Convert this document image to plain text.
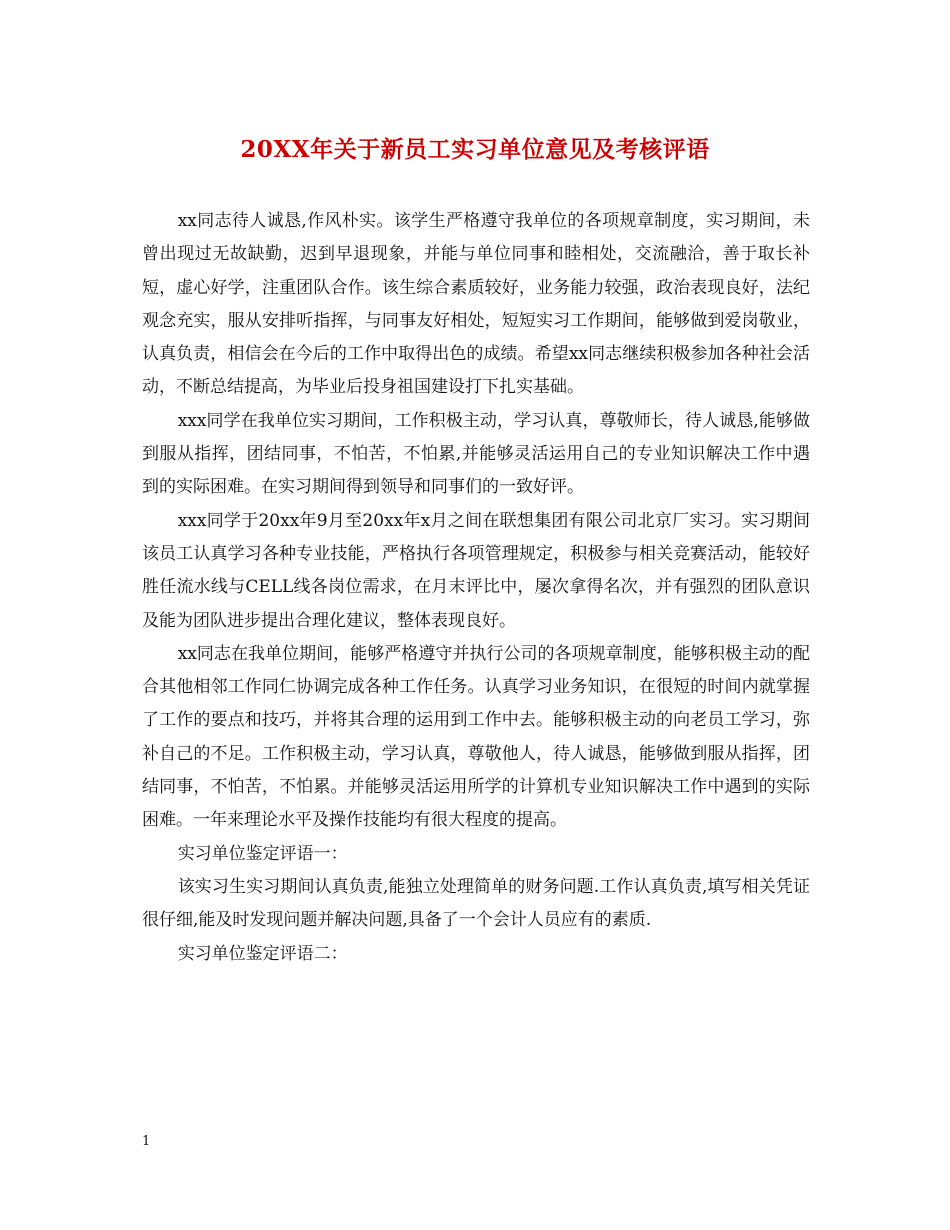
20XX年关于新员工实习单位意见及考核评语

xx同志待人诚恳,作风朴实。该学生严格遵守我单位的各项规章制度，实习期间，未曾出现过无故缺勤，迟到早退现象，并能与单位同事和睦相处，交流融洽，善于取长补短，虚心好学，注重团队合作。该生综合素质较好，业务能力较强，政治表现良好，法纪观念充实，服从安排听指挥，与同事友好相处，短短实习工作期间，能够做到爱岗敬业，认真负责，相信会在今后的工作中取得出色的成绩。希望xx同志继续积极参加各种社会活动，不断总结提高，为毕业后投身祖国建设打下扎实基础。

xxx同学在我单位实习期间，工作积极主动，学习认真，尊敬师长，待人诚恳,能够做到服从指挥，团结同事，不怕苦，不怕累,并能够灵活运用自己的专业知识解决工作中遇到的实际困难。在实习期间得到领导和同事们的一致好评。

xxx同学于20xx年9月至20xx年x月之间在联想集团有限公司北京厂实习。实习期间该员工认真学习各种专业技能，严格执行各项管理规定，积极参与相关竞赛活动，能较好胜任流水线与CELL线各岗位需求，在月末评比中，屡次拿得名次，并有强烈的团队意识及能为团队进步提出合理化建议，整体表现良好。

xx同志在我单位期间，能够严格遵守并执行公司的各项规章制度，能够积极主动的配合其他相邻工作同仁协调完成各种工作任务。认真学习业务知识，在很短的时间内就掌握了工作的要点和技巧，并将其合理的运用到工作中去。能够积极主动的向老员工学习，弥补自己的不足。工作积极主动，学习认真，尊敬他人，待人诚恳，能够做到服从指挥，团结同事，不怕苦，不怕累。并能够灵活运用所学的计算机专业知识解决工作中遇到的实际困难。一年来理论水平及操作技能均有很大程度的提高。

实习单位鉴定评语一：

该实习生实习期间认真负责,能独立处理简单的财务问题.工作认真负责,填写相关凭证很仔细,能及时发现问题并解决问题,具备了一个会计人员应有的素质.

实习单位鉴定评语二：

1
